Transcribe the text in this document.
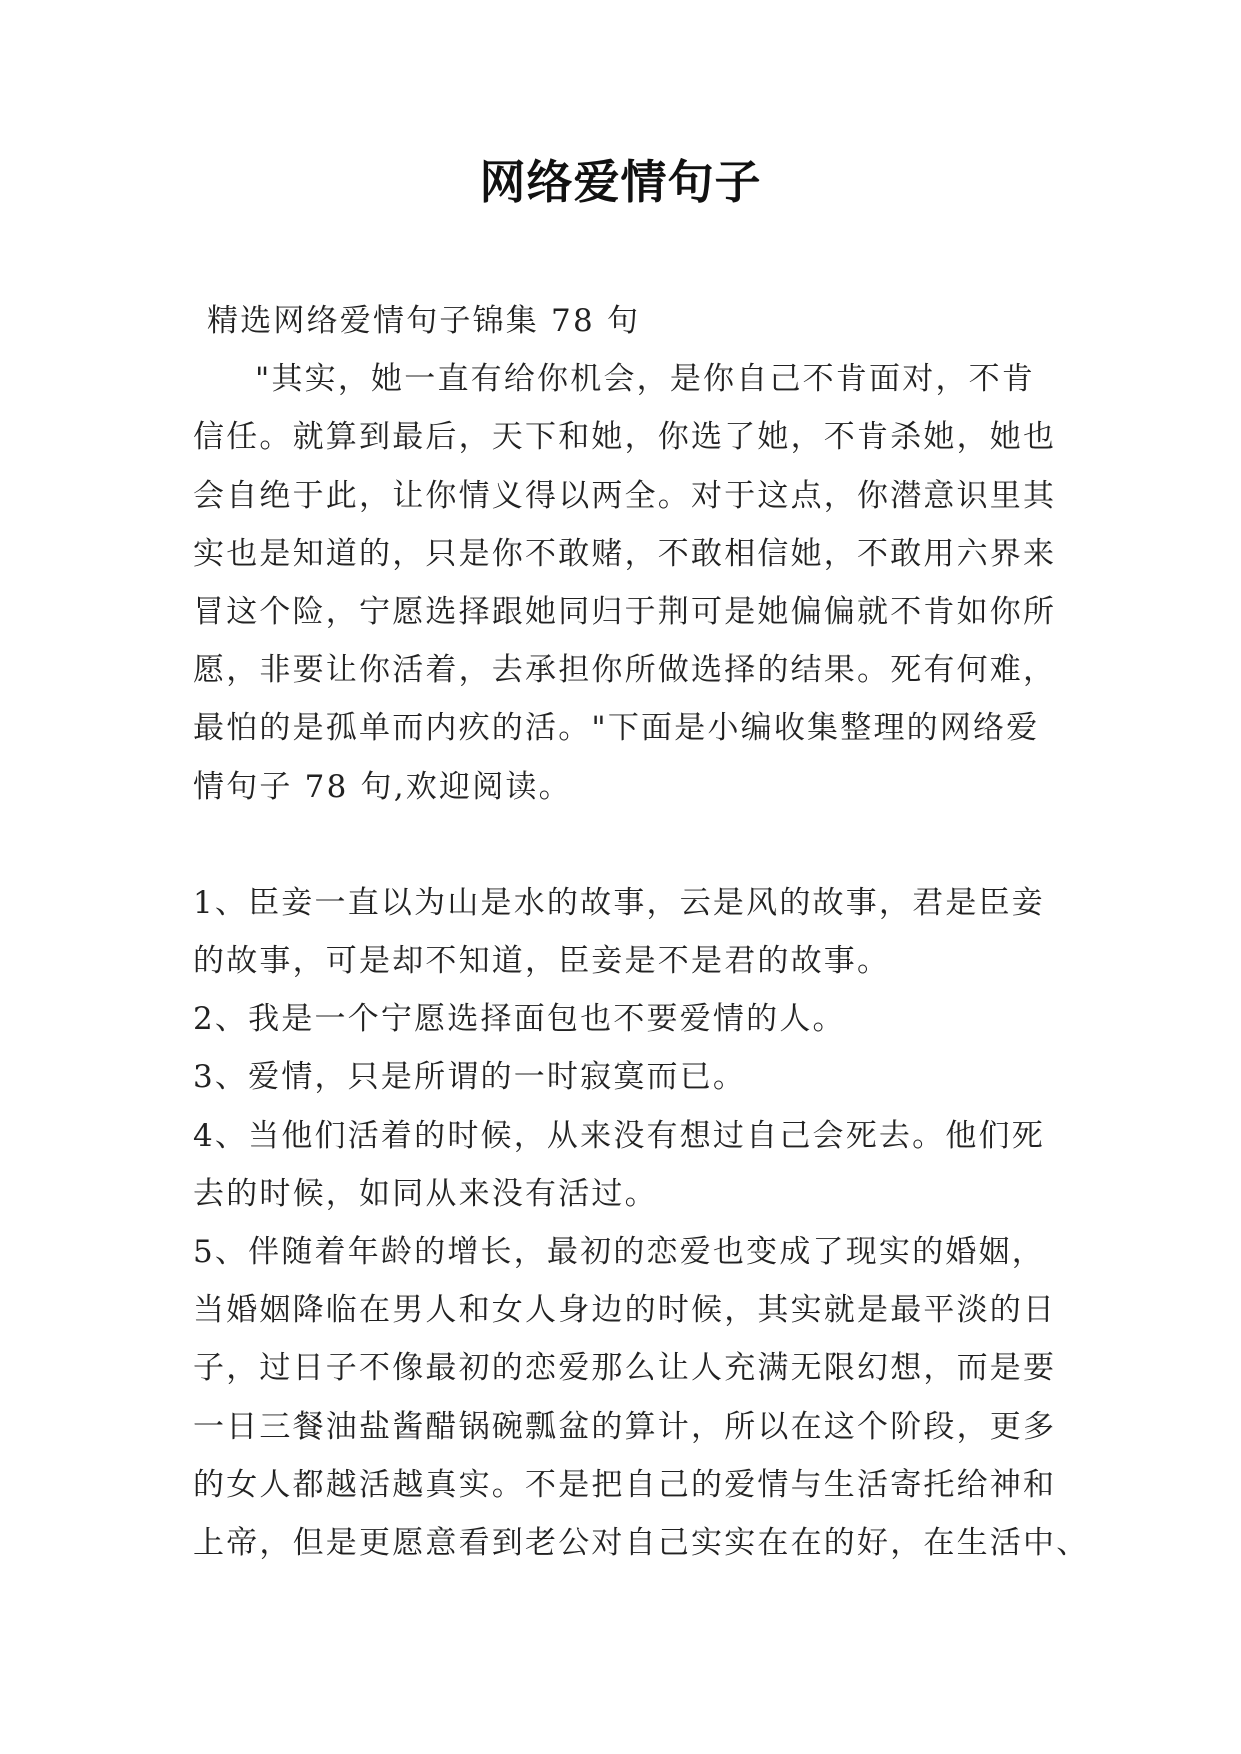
网络爱情句子
精选网络爱情句子锦集 78 句
"其实，她一直有给你机会，是你自己不肯面对，不肯
信任。就算到最后，天下和她，你选了她，不肯杀她，她也
会自绝于此，让你情义得以两全。对于这点，你潜意识里其
实也是知道的，只是你不敢赌，不敢相信她，不敢用六界来
冒这个险，宁愿选择跟她同归于荆可是她偏偏就不肯如你所
愿，非要让你活着，去承担你所做选择的结果。死有何难，
最怕的是孤单而内疚的活。"下面是小编收集整理的网络爱
情句子 78 句,欢迎阅读。
1、臣妾一直以为山是水的故事，云是风的故事，君是臣妾
的故事，可是却不知道，臣妾是不是君的故事。
2、我是一个宁愿选择面包也不要爱情的人。
3、爱情，只是所谓的一时寂寞而已。
4、当他们活着的时候，从来没有想过自己会死去。他们死
去的时候，如同从来没有活过。
5、伴随着年龄的增长，最初的恋爱也变成了现实的婚姻，
当婚姻降临在男人和女人身边的时候，其实就是最平淡的日
子，过日子不像最初的恋爱那么让人充满无限幻想，而是要
一日三餐油盐酱醋锅碗瓢盆的算计，所以在这个阶段，更多
的女人都越活越真实。不是把自己的爱情与生活寄托给神和
上帝，但是更愿意看到老公对自己实实在在的好，在生活中、
